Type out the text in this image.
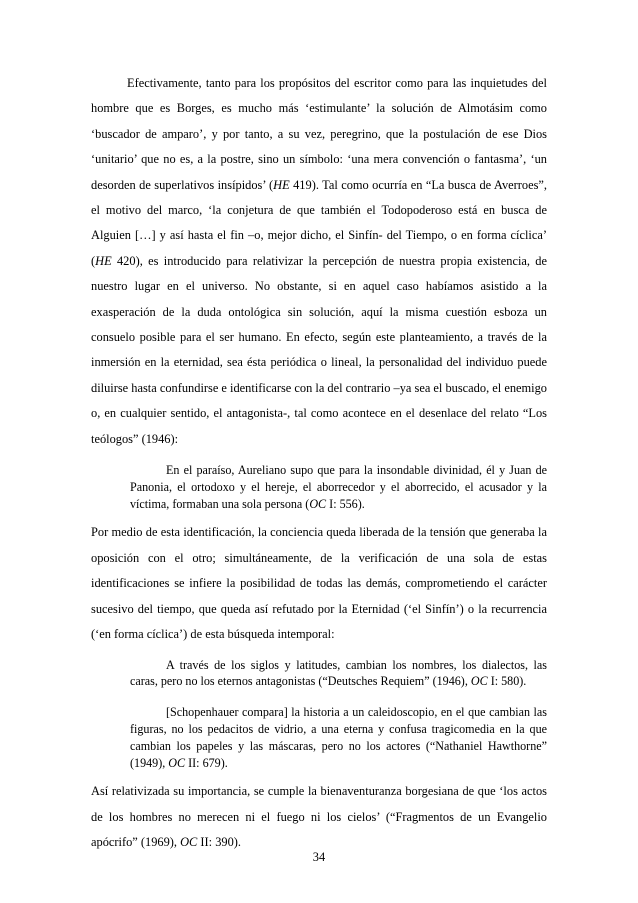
Efectivamente, tanto para los propósitos del escritor como para las inquietudes del hombre que es Borges, es mucho más ‘estimulante’ la solución de Almotásim como ‘buscador de amparo’, y por tanto, a su vez, peregrino, que la postulación de ese Dios ‘unitario’ que no es, a la postre, sino un símbolo: ‘una mera convención o fantasma’, ‘un desorden de superlativos insípidos’ (HE 419). Tal como ocurría en “La busca de Averroes”, el motivo del marco, ‘la conjetura de que también el Todopoderoso está en busca de Alguien […] y así hasta el fin –o, mejor dicho, el Sinfín- del Tiempo, o en forma cíclica’ (HE 420), es introducido para relativizar la percepción de nuestra propia existencia, de nuestro lugar en el universo. No obstante, si en aquel caso habíamos asistido a la exasperación de la duda ontológica sin solución, aquí la misma cuestión esboza un consuelo posible para el ser humano. En efecto, según este planteamiento, a través de la inmersión en la eternidad, sea ésta periódica o lineal, la personalidad del individuo puede diluirse hasta confundirse e identificarse con la del contrario –ya sea el buscado, el enemigo o, en cualquier sentido, el antagonista-, tal como acontece en el desenlace del relato “Los teólogos” (1946):

En el paraíso, Aureliano supo que para la insondable divinidad, él y Juan de Panonia, el ortodoxo y el hereje, el aborrecedor y el aborrecido, el acusador y la víctima, formaban una sola persona (OC I: 556).

Por medio de esta identificación, la conciencia queda liberada de la tensión que generaba la oposición con el otro; simultáneamente, de la verificación de una sola de estas identificaciones se infiere la posibilidad de todas las demás, comprometiendo el carácter sucesivo del tiempo, que queda así refutado por la Eternidad (‘el Sinfín’) o la recurrencia (‘en forma cíclica’) de esta búsqueda intemporal:

A través de los siglos y latitudes, cambian los nombres, los dialectos, las caras, pero no los eternos antagonistas (“Deutsches Requiem” (1946), OC I: 580).

[Schopenhauer compara] la historia a un caleidoscopio, en el que cambian las figuras, no los pedacitos de vidrio, a una eterna y confusa tragicomedia en la que cambian los papeles y las máscaras, pero no los actores (“Nathaniel Hawthorne” (1949), OC II: 679).

Así relativizada su importancia, se cumple la bienaventuranza borgesiana de que ‘los actos de los hombres no merecen ni el fuego ni los cielos’ (“Fragmentos de un Evangelio apócrifo” (1969), OC II: 390).

34
